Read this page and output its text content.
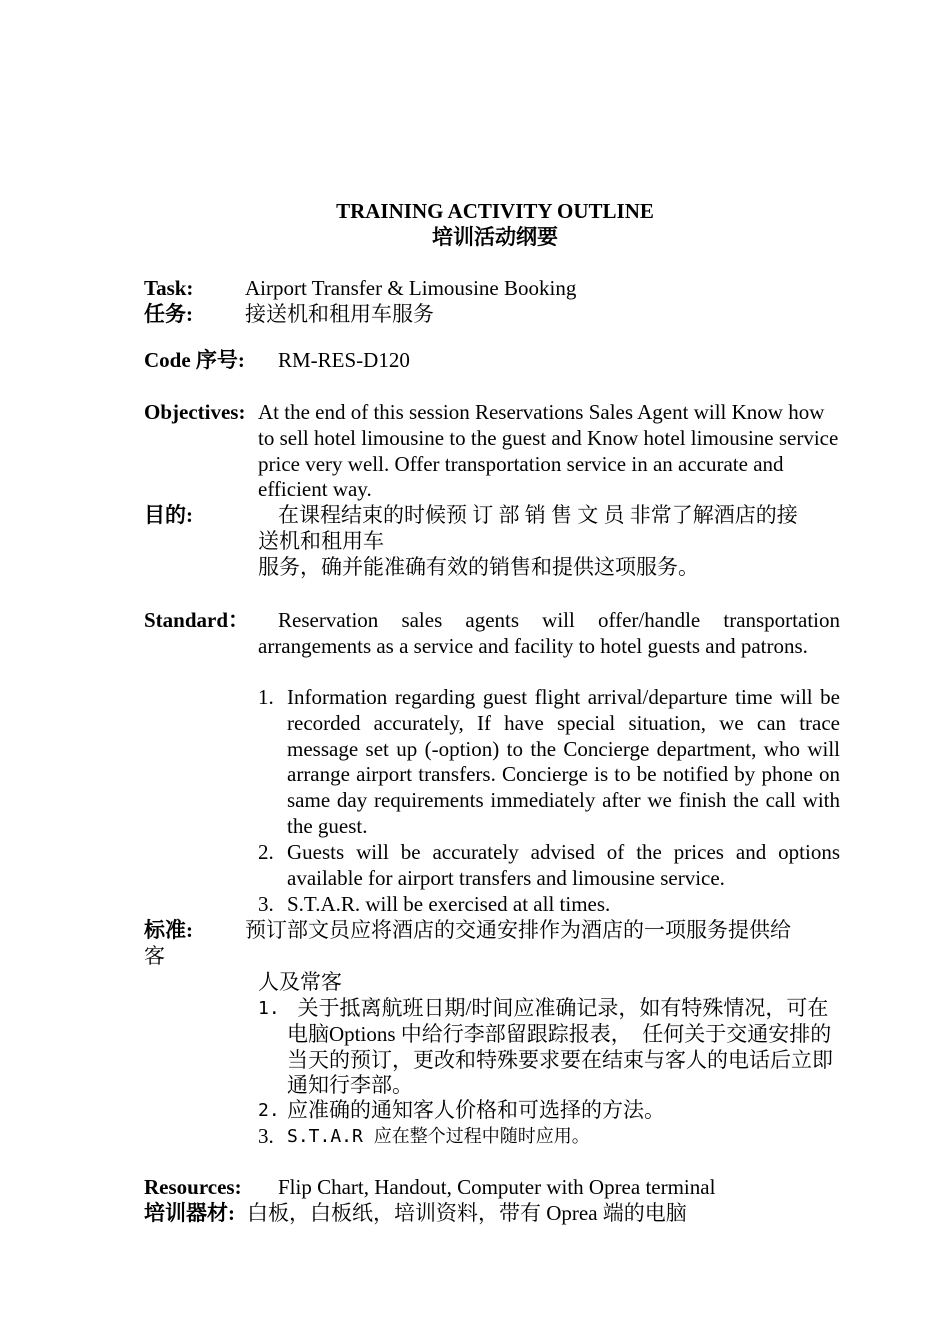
TRAINING ACTIVITY OUTLINE
培训活动纲要
Task: Airport Transfer & Limousine Booking
任务: 接送机和租用车服务
Code 序号: RM-RES-D120
Objectives: At the end of this session Reservations Sales Agent will Know how to sell hotel limousine to the guest and Know hotel limousine service price very well. Offer transportation service in an accurate and efficient way.
目的:	在课程结束的时候预 订 部 销 售 文 员 非常了解酒店的接
送机和租用车
服务，确并能准确有效的销售和提供这项服务。
Standard：	Reservation sales agents will offer/handle transportation arrangements as a service and facility to hotel guests and patrons.
1. Information regarding guest flight arrival/departure time will be recorded accurately, If have special situation, we can trace message set up (-option) to the Concierge department, who will arrange airport transfers. Concierge is to be notified by phone on same day requirements immediately after we finish the call with the guest.
2. Guests will be accurately advised of the prices and options available for airport transfers and limousine service.
3. S.T.A.R. will be exercised at all times.
标准: 预订部文员应将酒店的交通安排作为酒店的一项服务提供给
客
人及常客
1. 关于抵离航班日期/时间应准确记录，如有特殊情况，可在电脑Options 中给行李部留跟踪报表，  任何关于交通安排的当天的预订，更改和特殊要求要在结束与客人的电话后立即通知行李部。
2. 应准确的通知客人价格和可选择的方法。
3. S.T.A.R 应在整个过程中随时应用。
Resources: Flip Chart, Handout, Computer with Oprea terminal
培训器材: 白板，白板纸，培训资料，带有 Oprea 端的电脑
